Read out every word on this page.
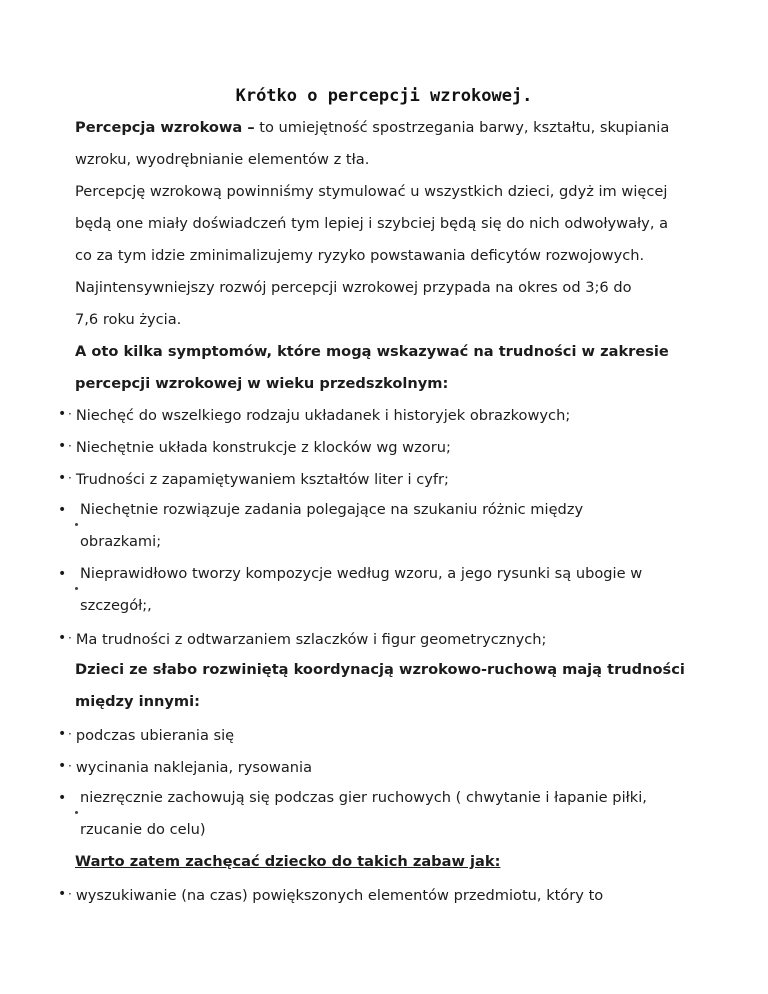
Krótko o percepcji wzrokowej.
Percepcja wzrokowa – to umiejętność spostrzegania barwy, kształtu, skupiania
wzroku, wyodrębnianie elementów z tła.
Percepcję wzrokową powinniśmy stymulować u wszystkich dzieci, gdyż im więcej
będą one miały doświadczeń tym lepiej i szybciej będą się do nich odwoływały, a
co za tym idzie zminimalizujemy ryzyko powstawania deficytów rozwojowych.
Najintensywniejszy rozwój percepcji wzrokowej przypada na okres od 3;6 do
7,6 roku życia.
A oto kilka symptomów, które mogą wskazywać na trudności w zakresie
percepcji wzrokowej w wieku przedszkolnym:
• · Niechęć do wszelkiego rodzaju układanek i historyjek obrazkowych;
• · Niechętnie układa konstrukcje z klocków wg wzoru;
• · Trudności z zapamiętywaniem kształtów liter i cyfr;
• Niechętnie rozwiązuje zadania polegające na szukaniu różnic między
obrazkami;
• Nieprawidłowo tworzy kompozycje według wzoru, a jego rysunki są ubogie w
szczegół;,
• · Ma trudności z odtwarzaniem szlaczków i figur geometrycznych;
Dzieci ze słabo rozwiniętą koordynacją wzrokowo-ruchową mają trudności
między innymi:
• · podczas ubierania się
• · wycinania naklejania, rysowania
• niezręcznie zachowują się podczas gier ruchowych ( chwytanie i łapanie piłki,
rzucanie do celu)
Warto zatem zachęcać dziecko do takich zabaw jak:
• · wyszukiwanie (na czas) powiększonych elementów przedmiotu, który to
